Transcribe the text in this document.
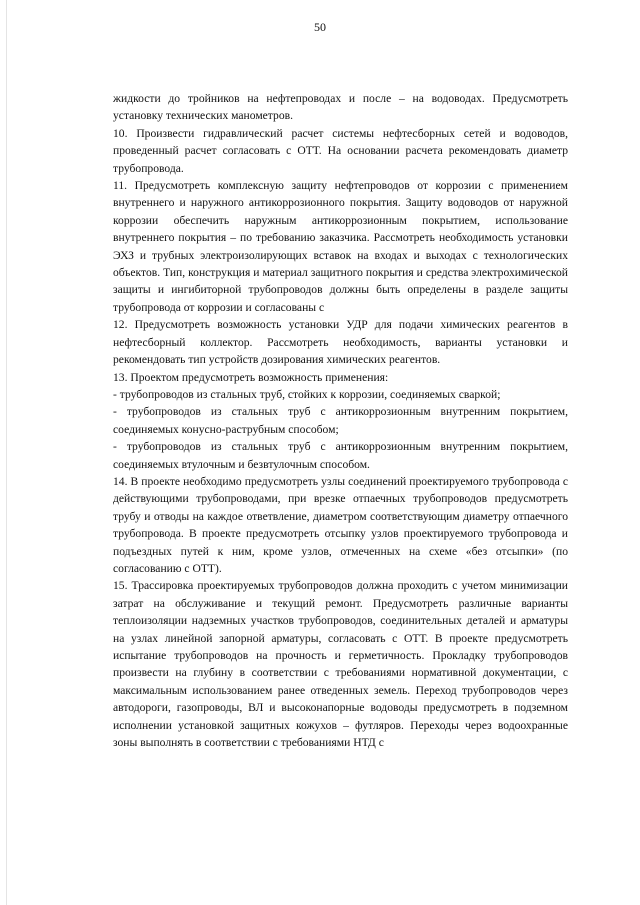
50

жидкости до тройников на нефтепроводах и после – на водоводах. Предусмотреть установку технических манометров.

10. Произвести гидравлический расчет системы нефтесборных сетей и водоводов, проведенный расчет согласовать с ОТТ. На основании расчета рекомендовать диаметр трубопровода.

11. Предусмотреть комплексную защиту нефтепроводов от коррозии с применением внутреннего и наружного антикоррозионного покрытия. Защиту водоводов от наружной коррозии обеспечить наружным антикоррозионным покрытием, использование внутреннего покрытия – по требованию заказчика. Рассмотреть необходимость установки ЭХЗ и трубных электроизолирующих вставок на входах и выходах с технологических объектов. Тип, конструкция и материал защитного покрытия и средства электрохимической защиты и ингибиторной трубопроводов должны быть определены в разделе защиты трубопровода от коррозии и согласованы с

12. Предусмотреть возможность установки УДР для подачи химических реагентов в нефтесборный коллектор. Рассмотреть необходимость, варианты установки и рекомендовать тип устройств дозирования химических реагентов.

13. Проектом предусмотреть возможность применения:

- трубопроводов из стальных труб, стойких к коррозии, соединяемых сваркой;

- трубопроводов из стальных труб с антикоррозионным внутренним покрытием, соединяемых конусно-раструбным способом;

- трубопроводов из стальных труб с антикоррозионным внутренним покрытием, соединяемых втулочным и безвтулочным способом.

14. В проекте необходимо предусмотреть узлы соединений проектируемого трубопровода с действующими трубопроводами, при врезке отпаечных трубопроводов предусмотреть трубу и отводы на каждое ответвление, диаметром соответствующим диаметру отпаечного трубопровода. В проекте предусмотреть отсыпку узлов проектируемого трубопровода и подъездных путей к ним, кроме узлов, отмеченных на схеме «без отсыпки» (по согласованию с ОТТ).

15. Трассировка проектируемых трубопроводов должна проходить с учетом минимизации затрат на обслуживание и текущий ремонт. Предусмотреть различные варианты теплоизоляции надземных участков трубопроводов, соединительных деталей и арматуры на узлах линейной запорной арматуры, согласовать с ОТТ. В проекте предусмотреть испытание трубопроводов на прочность и герметичность. Прокладку трубопроводов произвести на глубину в соответствии с требованиями нормативной документации, с максимальным использованием ранее отведенных земель. Переход трубопроводов через автодороги, газопроводы, ВЛ и высоконапорные водоводы предусмотреть в подземном исполнении установкой защитных кожухов – футляров. Переходы через водоохранные зоны выполнять в соответствии с требованиями НТД с
